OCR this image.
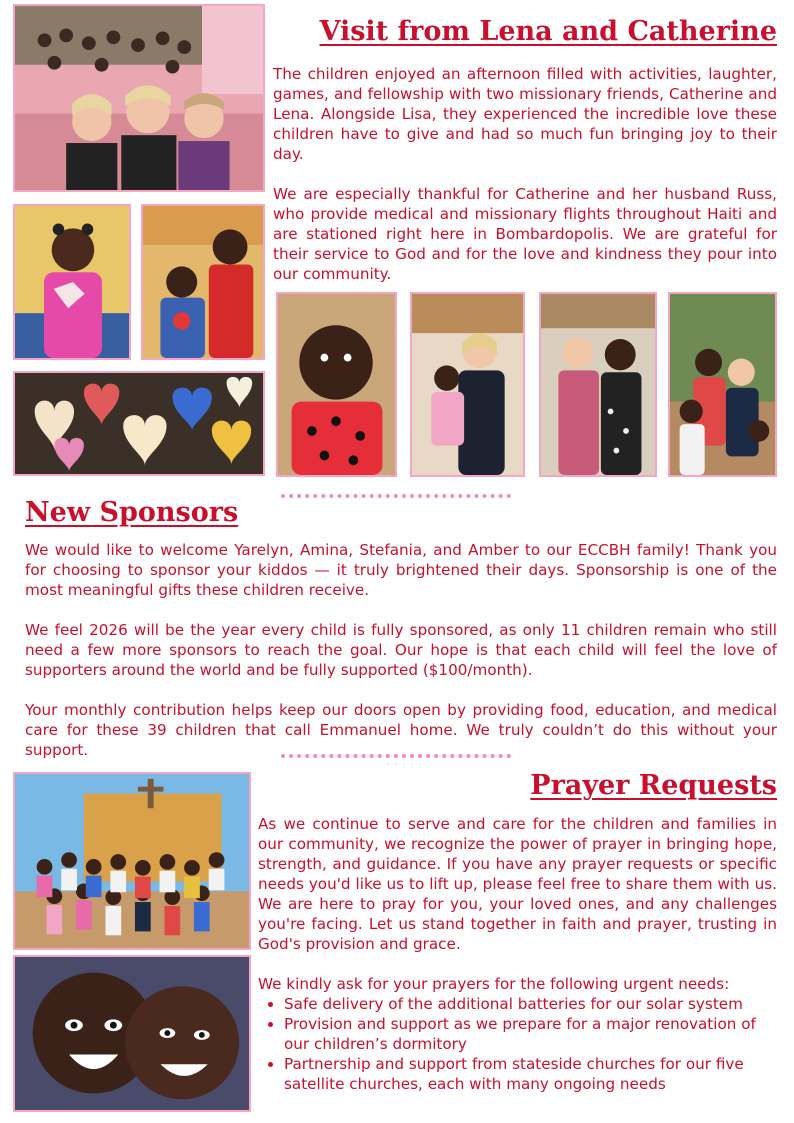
Visit from Lena and Catherine

The children enjoyed an afternoon filled with activities, laughter, games, and fellowship with two missionary friends, Catherine and Lena. Alongside Lisa, they experienced the incredible love these children have to give and had so much fun bringing joy to their day.

We are especially thankful for Catherine and her husband Russ, who provide medical and missionary flights throughout Haiti and are stationed right here in Bombardopolis. We are grateful for their service to God and for the love and kindness they pour into our community.

New Sponsors

We would like to welcome Yarelyn, Amina, Stefania, and Amber to our ECCBH family! Thank you for choosing to sponsor your kiddos — it truly brightened their days. Sponsorship is one of the most meaningful gifts these children receive.

We feel 2026 will be the year every child is fully sponsored, as only 11 children remain who still need a few more sponsors to reach the goal. Our hope is that each child will feel the love of supporters around the world and be fully supported ($100/month).

Your monthly contribution helps keep our doors open by providing food, education, and medical care for these 39 children that call Emmanuel home. We truly couldn’t do this without your support.

Prayer Requests

As we continue to serve and care for the children and families in our community, we recognize the power of prayer in bringing hope, strength, and guidance. If you have any prayer requests or specific needs you'd like us to lift up, please feel free to share them with us. We are here to pray for you, your loved ones, and any challenges you're facing. Let us stand together in faith and prayer, trusting in God's provision and grace.

We kindly ask for your prayers for the following urgent needs:

• Safe delivery of the additional batteries for our solar system
• Provision and support as we prepare for a major renovation of our children’s dormitory
• Partnership and support from stateside churches for our five satellite churches, each with many ongoing needs
